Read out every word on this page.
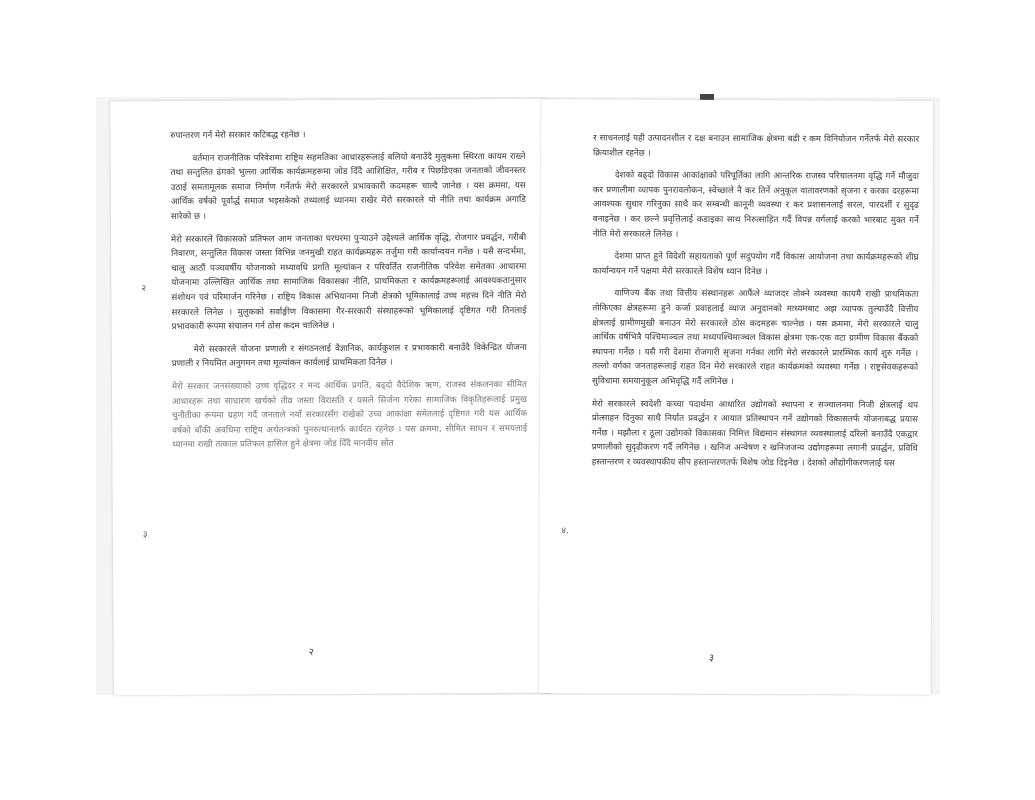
रुपान्तरण गर्न मेरो सरकार कटिबद्ध रहनेछ ।

वर्तमान राजनीतिक परिवेशमा राष्ट्रिय सहमतिका आधारहरूलाई बलियो बनाउँदै मुलुकमा स्थिरता कायम राख्ने तथा सन्तुलित ढंगको भुल्ला आर्थिक कार्यक्रमहरूमा जोड दिँदै आशिक्षित, गरीब र पिछडिएका जनताको जीवनस्तर उठाई समतामूलक समाज निर्माण गर्नेतर्फ मेरो सरकारले प्रभावकारी कदमहरू चाल्दै जानेछ । यस क्रममा, यस आर्थिक वर्षको पूर्वार्द्ध समाज भइसकेको तथ्यलाई ध्यानमा राखेर मेरो सरकारले यो नीति तथा कार्यक्रम अगाडि सारेको छ ।

मेरो सरकारले विकासको प्रतिफल आम जनताका घरघरमा पुऱ्याउने उद्देश्यले आर्थिक वृद्धि, रोजगार प्रवर्द्धन, गरीबी निवारण, सन्तुलित विकास जस्ता विभिन्न जनमुखी राहत कार्यक्रमहरू तर्जुमा गरी कार्यान्वयन गर्नेछ । यसै सन्दर्भमा, चालु आठौं पञ्चवर्षीय योजनाको मध्यावधि प्रगति मूल्यांकन र परिवर्तित राजनीतिक परिवेश समेतका आधारमा योजनामा उल्लिखित आर्थिक तथा सामाजिक विकासका नीति, प्राथमिकता र कार्यक्रमहरूलाई आवश्यकतानुसार संशोधन एवं परिमार्जन गरिनेछ । राष्ट्रिय विकास अभियानमा निजी क्षेत्रको भूमिकालाई उच्च महत्त्व दिने नीति मेरो सरकारले लिनेछ । मुलुकको सर्वाङ्गीण विकासमा गैर-सरकारी संस्थाहरूको भूमिकालाई दृष्टिगत गरी तिनलाई प्रभावकारी रूपमा संचालन गर्न ठोस कदम चालिनेछ ।

मेरो सरकारले योजना प्रणाली र संगठनलाई वैज्ञानिक, कार्यकुशल र प्रभावकारी बनाउँदै विकेन्द्रित योजना प्रणाली र नियमित अनुगमन तथा मूल्यांकन कार्यलाई प्राथमिकता दिनेछ ।

मेरो सरकार जनसंख्याको उच्च वृद्धिदर र मन्द आर्थिक प्रगति, बढ्दो वैदेशिक ऋण, राजस्व संकलनका सीमित आधारहरू तथा साधारण खर्चको तीव्र जस्ता विरासति र यसले सिर्जना गरेका सामाजिक विकृतिहरूलाई प्रमुख चुनौतीका रूपमा ग्रहण गर्दै जनताले नयाँ सरकारसँग राखेको उच्च आकांक्षा समेतलाई दृष्टिगत गरी यस आर्थिक वर्षको बाँकी अवधिमा राष्ट्रिय अर्थतन्त्रको पुनरुत्थानतर्फ कार्यरत रहनेछ । यस क्रममा, सीमित साधन र समयलाई ध्यानमा राखी तत्काल प्रतिफल हासिल हुने क्षेत्रमा जोड दिँदै मानवीय स्रोत

२
३
२

र साधनलाई यही उत्पादनशील र दक्ष बनाउन सामाजिक क्षेत्रमा बढी र कम विनियोजन गर्नेतर्फ मेरो सरकार क्रियाशील रहनेछ ।

देशको बढ्दो विकास आकांक्षाको परिपूर्तिका लागि आन्तरिक राजस्व परिचालनमा वृद्धि गर्ने मौजुदा कर प्रणालीमा व्यापक पुनरावलोकन, स्वेच्छाले नै कर तिर्ने अनुकूल वातावरणको सृजना र करका दरहरूमा आवश्यक सुधार गरिनुका साथै कर सम्बन्धी कानूनी व्यवस्था र कर प्रशासनलाई सरल, पारदर्शी र सुदृढ बनाइनेछ । कर छल्ने प्रवृत्तिलाई कडाइका साथ निरुत्साहित गर्दै विपन्न वर्गलाई करको भारबाट मुक्त गर्ने नीति मेरो सरकारले लिनेछ ।

देशमा प्राप्त हुने विदेशी सहायताको पूर्ण सदुपयोग गर्दै विकास आयोजना तथा कार्यक्रमहरूको शीघ्र कार्यान्वयन गर्ने पक्षमा मेरो सरकारले विशेष ध्यान दिनेछ ।

वाणिज्य बैंक तथा वित्तीय संस्थानहरू आफैंले व्याजदर तोक्ने व्यवस्था कायमै राखी प्राथमिकता तोकिएका क्षेत्रहरूमा हुने कर्जा प्रवाहलाई व्याज अनुदानको माध्यमबाट अझ व्यापक तुल्याउँदै वित्तीय क्षेत्रलाई ग्रामीणमुखी बनाउन मेरो सरकारले ठोस कदमहरू चाल्नेछ । यस क्रममा, मेरो सरकारले चालु आर्थिक वर्षभित्रै पश्चिमाञ्चल तथा मध्यपश्चिमाञ्चल विकास क्षेत्रमा एक-एक वटा ग्रामीण विकास बैंकको स्थापना गर्नेछ । यसै गरी देशमा रोजगारी सृजना गर्नका लागि मेरो सरकारले प्रारम्भिक कार्य शुरु गर्नेछ । तल्लो वर्गका जनताहरूलाई राहत दिन मेरो सरकारले राहत कार्यक्रमको व्यवस्था गर्नेछ । राष्ट्रसेवकहरूको सुविधामा समयानुकूल अभिवृद्धि गर्दै लगिनेछ ।

मेरो सरकारले स्वदेशी कच्चा पदार्थमा आधारित उद्योगको स्थापना र सञ्चालनमा निजी क्षेत्रलाई थप प्रोत्साहन दिनुका साथै निर्यात प्रवर्द्धन र आयात प्रतिस्थापन गर्ने उद्योगको विकासतर्फ योजनाबद्ध प्रयास गर्नेछ । मझौला र ठूला उद्योगको विकासका निमित्त विद्यमान संस्थागत व्यवस्थालाई दरिलो बनाउँदै एकद्वार प्रणालीको सुदृढीकरण गर्दै लगिनेछ । खनिज अन्वेषण र खनिजजन्य उद्योगहरूमा लगानी प्रवर्द्धन, प्रविधि हस्तान्तरण र व्यवस्थापकीय सीप हस्तान्तरणतर्फ विशेष जोड दिइनेछ । देशको औद्योगीकरणलाई यस

४.
३
